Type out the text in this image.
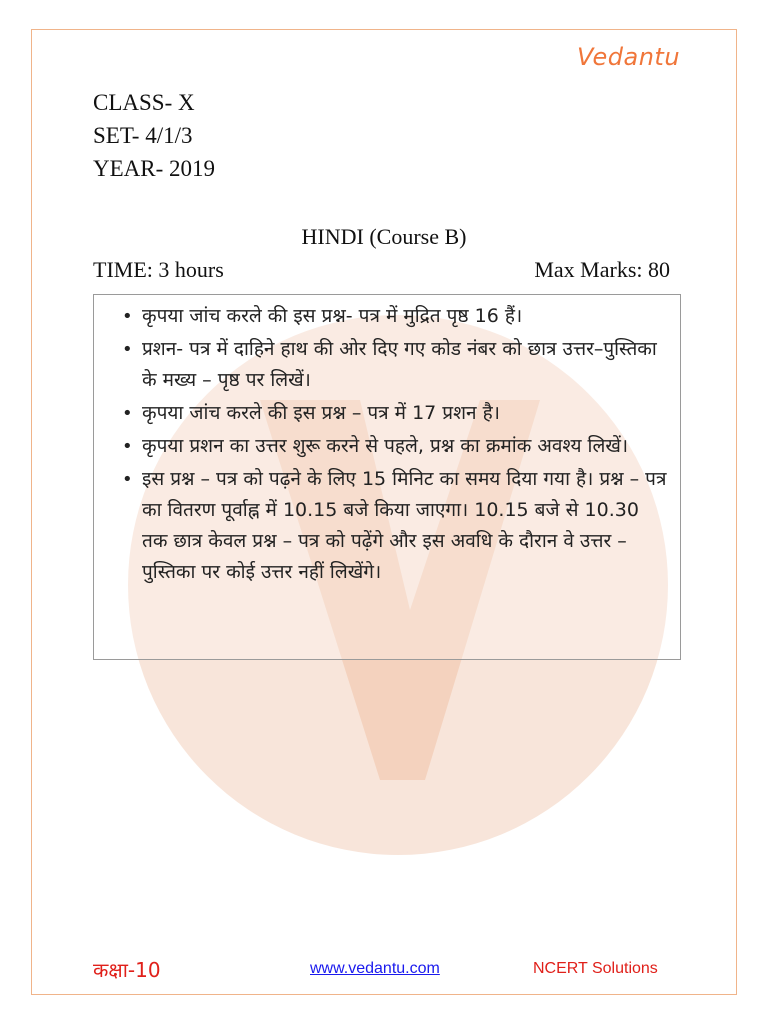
Vedantu
CLASS- X
SET- 4/1/3
YEAR- 2019
HINDI (Course B)
TIME: 3 hours	Max Marks: 80
• कृपया जांच करले की इस प्रश्न- पत्र में मुद्रित पृष्ठ 16 हैं।
• प्रशन- पत्र में दाहिने हाथ की ओर दिए गए कोड नंबर को छात्र उत्तर–पुस्तिका के मख्य – पृष्ठ पर लिखें।
• कृपया जांच करले की इस प्रश्न – पत्र में 17 प्रशन है।
• कृपया प्रशन का उत्तर शुरू करने से पहले, प्रश्न का क्रमांक अवश्य लिखें।
• इस प्रश्न – पत्र को पढ़ने के लिए 15 मिनिट का समय दिया गया है। प्रश्न – पत्र का वितरण पूर्वाह्न में 10.15 बजे किया जाएगा। 10.15 बजे से 10.30 तक छात्र केवल प्रश्न – पत्र को पढ़ेंगे और इस अवधि के दौरान वे उत्तर – पुस्तिका पर कोई उत्तर नहीं लिखेंगे।
कक्षा-10	www.vedantu.com	NCERT Solutions
